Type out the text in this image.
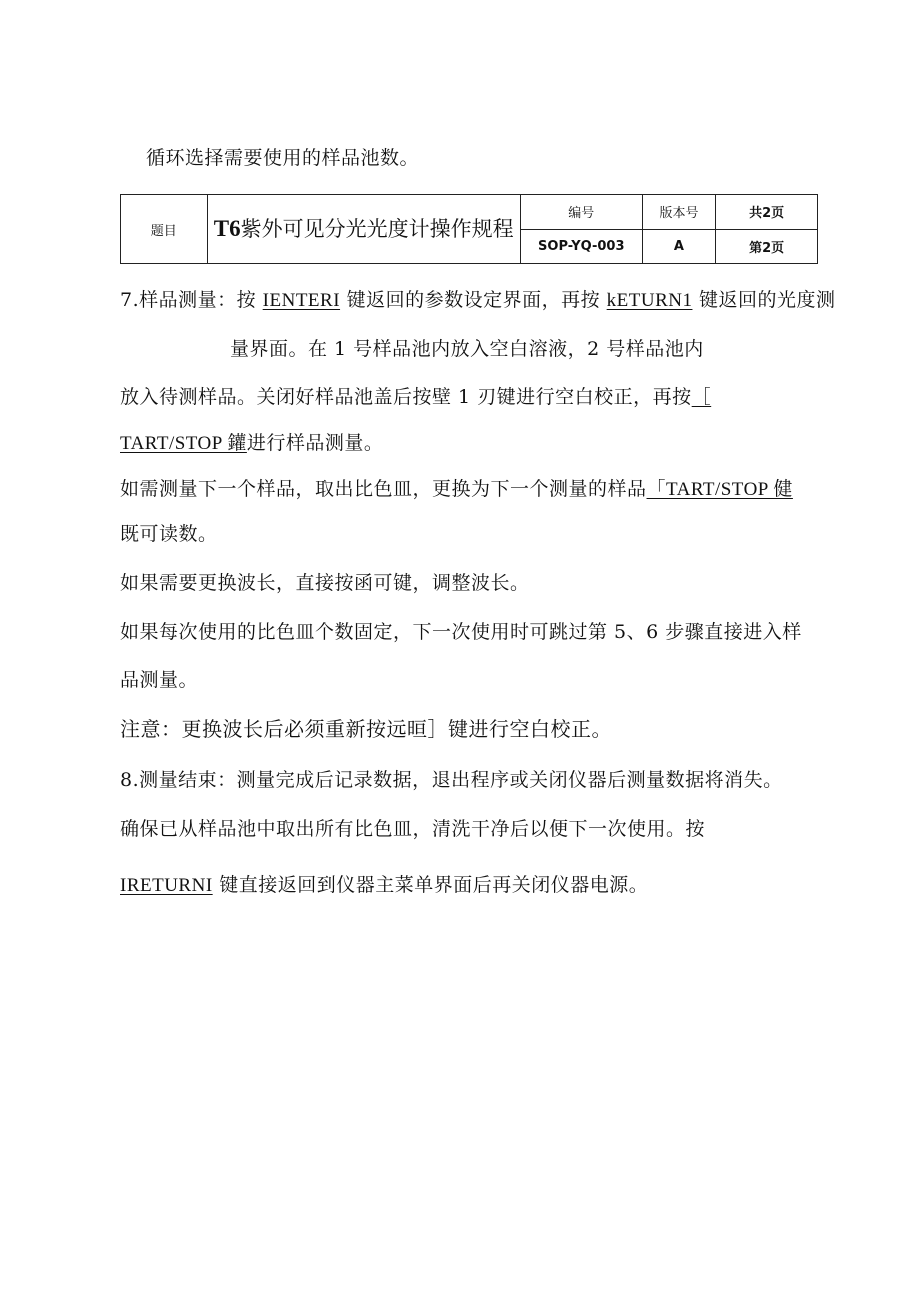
循环选择需要使用的样品池数。
题目	T6紫外可见分光光度计操作规程	编号	版本号	共2页
		SOP-YQ-003	A	第2页
7.样品测量：按 IENTERI 键返回的参数设定界面，再按 kETURN1 键返回的光度测
量界面。在 1 号样品池内放入空白溶液，2 号样品池内
放入待测样品。关闭好样品池盖后按壁 1 刃键进行空白校正，再按［
TART/STOP 鑵进行样品测量。
如需测量下一个样品，取出比色皿，更换为下一个测量的样品「TART/STOP 健
既可读数。
如果需要更换波长，直接按函可键，调整波长。
如果每次使用的比色皿个数固定，下一次使用时可跳过第 5、6 步骤直接进入样
品测量。
注意：更换波长后必须重新按远晅］键进行空白校正。
8.测量结束：测量完成后记录数据，退出程序或关闭仪器后测量数据将消失。
确保已从样品池中取出所有比色皿，清洗干净后以便下一次使用。按
IRETURNI 键直接返回到仪器主菜单界面后再关闭仪器电源。
